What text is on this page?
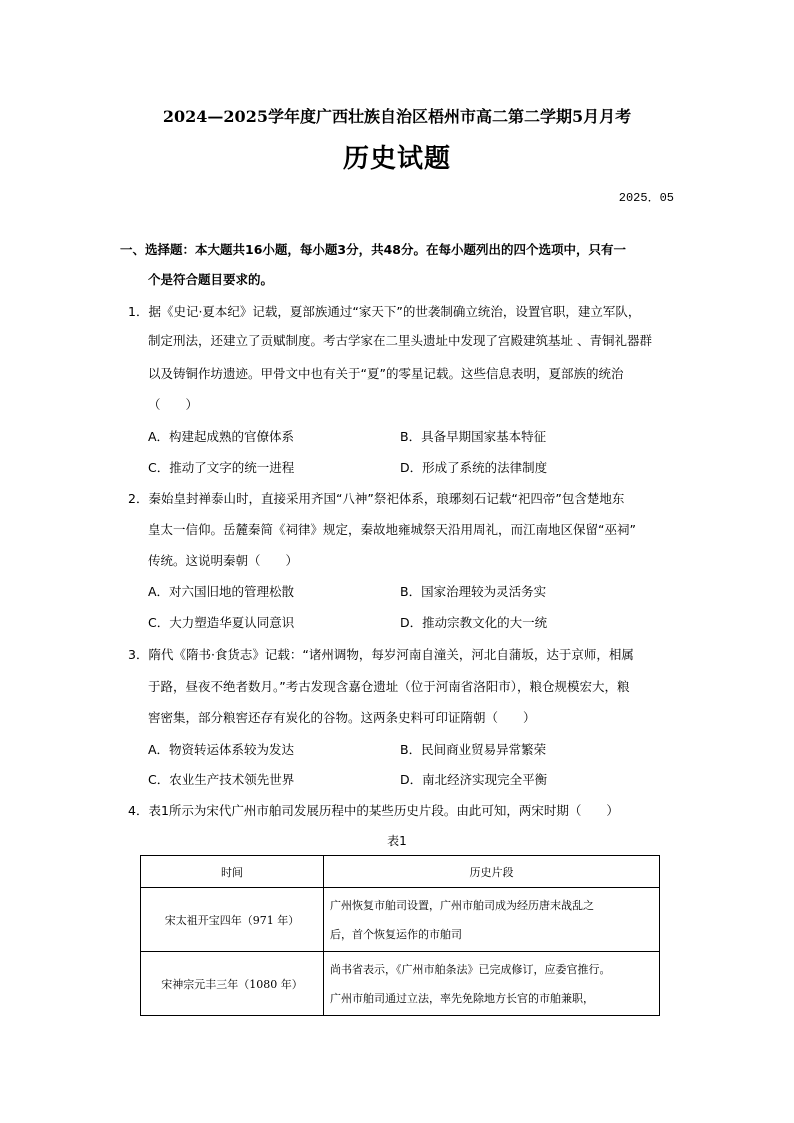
2024—2025学年度广西壮族自治区梧州市高二第二学期5月月考
历史试题
2025．05
一、选择题：本大题共16小题，每小题3分，共48分。在每小题列出的四个选项中，只有一
个是符合题目要求的。
1．据《史记·夏本纪》记载，夏部族通过“家天下”的世袭制确立统治，设置官职，建立军队，
制定刑法，还建立了贡赋制度。考古学家在二里头遗址中发现了宫殿建筑基址 、青铜礼器群
以及铸铜作坊遗迹。甲骨文中也有关于“夏”的零星记载。这些信息表明，夏部族的统治
（　　）
A．构建起成熟的官僚体系	B．具备早期国家基本特征
C．推动了文字的统一进程	D．形成了系统的法律制度
2．秦始皇封禅泰山时，直接采用齐国“八神”祭祀体系，琅琊刻石记载“祀四帝”包含楚地东
皇太一信仰。岳麓秦简《祠律》规定，秦故地雍城祭天沿用周礼，而江南地区保留“巫祠”
传统。这说明秦朝（　　）
A．对六国旧地的管理松散	B．国家治理较为灵活务实
C．大力塑造华夏认同意识	D．推动宗教文化的大一统
3．隋代《隋书·食货志》记载：“诸州调物，每岁河南自潼关，河北自蒲坂，达于京师，相属
于路，昼夜不绝者数月。”考古发现含嘉仓遗址（位于河南省洛阳市），粮仓规模宏大，粮
窖密集，部分粮窖还存有炭化的谷物。这两条史料可印证隋朝（　　）
A．物资转运体系较为发达	B．民间商业贸易异常繁荣
C．农业生产技术领先世界	D．南北经济实现完全平衡
4．表1所示为宋代广州市舶司发展历程中的某些历史片段。由此可知，两宋时期（　　）
表1
时间	历史片段
宋太祖开宝四年（971 年）	广州恢复市舶司设置，广州市舶司成为经历唐末战乱之
后，首个恢复运作的市舶司

宋神宗元丰三年（1080 年）	尚书省表示，《广州市舶条法》已完成修订，应委官推行。
广州市舶司通过立法，率先免除地方长官的市舶兼职，
